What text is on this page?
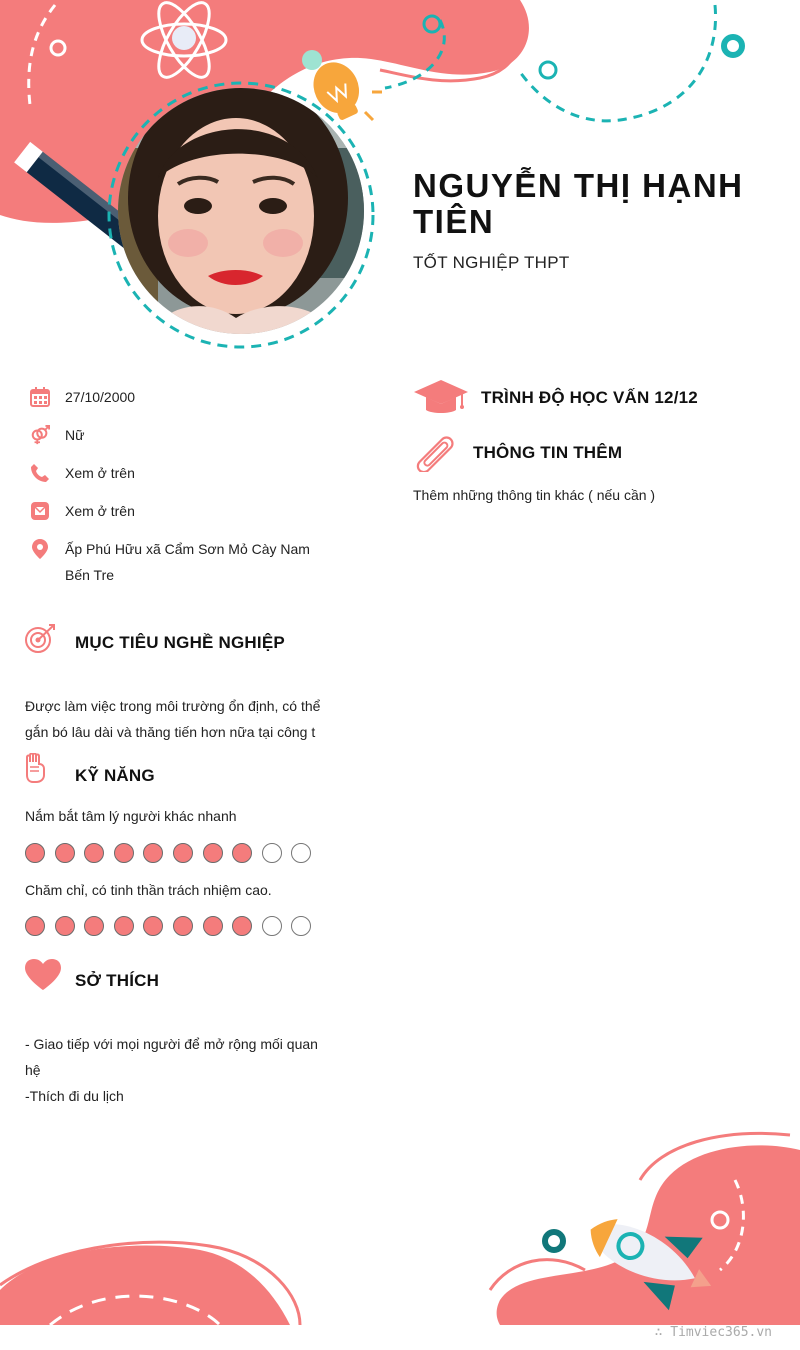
NGUYỄN THỊ HẠNH TIÊN
TỐT NGHIỆP THPT
27/10/2000
Nữ
Xem ở trên
Xem ở trên
Ấp Phú Hữu xã Cẩm Sơn Mỏ Cày Nam Bến Tre
MỤC TIÊU NGHỀ NGHIỆP
Được làm việc trong môi trường ổn định, có thể gắn bó lâu dài và thăng tiến hơn nữa tại công t
KỸ NĂNG
Nắm bắt tâm lý người khác nhanh
Chăm chỉ, có tinh thần trách nhiệm cao.
SỞ THÍCH
- Giao tiếp với mọi người để mở rộng mối quan hệ
-Thích đi du lịch
TRÌNH ĐỘ HỌC VẤN 12/12
THÔNG TIN THÊM
Thêm những thông tin khác ( nếu cần )
∴ Timviec365.vn
